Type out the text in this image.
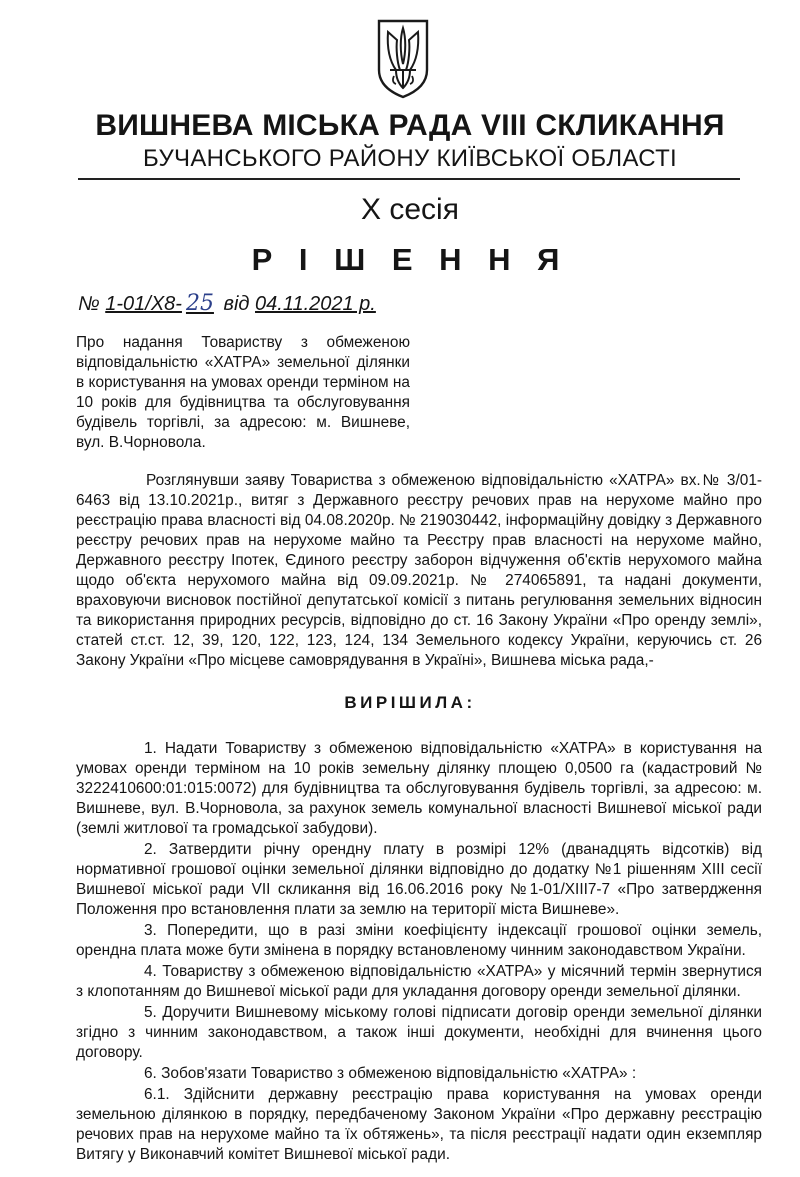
ВИШНЕВА МІСЬКА РАДА VIII СКЛИКАННЯ
БУЧАНСЬКОГО РАЙОНУ КИЇВСЬКОЇ ОБЛАСТІ
X сесія
Р І Ш Е Н Н Я
№ 1-01/X8- 25 від 04.11.2021 р.
Про надання Товариству з обмеженою відповідальністю «ХАТРА» земельної ділянки в користування на умовах оренди терміном на 10 років для будівництва та обслуговування будівель торгівлі, за адресою: м. Вишневе, вул. В.Чорновола.

Розглянувши заяву Товариства з обмеженою відповідальністю «ХАТРА» вх.№ 3/01-6463 від 13.10.2021р., витяг з Державного реєстру речових прав на нерухоме майно про реєстрацію права власності від 04.08.2020р. № 219030442, інформаційну довідку з Державного реєстру речових прав на нерухоме майно та Реєстру прав власності на нерухоме майно, Державного реєстру Іпотек, Єдиного реєстру заборон відчуження об'єктів нерухомого майна щодо об'єкта нерухомого майна від 09.09.2021р. № 274065891, та надані документи, враховуючи висновок постійної депутатської комісії з питань регулювання земельних відносин та використання природних ресурсів, відповідно до ст. 16 Закону України «Про оренду землі», статей ст.ст. 12, 39, 120, 122, 123, 124, 134 Земельного кодексу України, керуючись ст. 26 Закону України «Про місцеве самоврядування в Україні», Вишнева міська рада,-

ВИРІШИЛА:

1. Надати Товариству з обмеженою відповідальністю «ХАТРА» в користування на умовах оренди терміном на 10 років земельну ділянку площею 0,0500 га (кадастровий № 3222410600:01:015:0072) для будівництва та обслуговування будівель торгівлі, за адресою: м. Вишневе, вул. В.Чорновола, за рахунок земель комунальної власності Вишневої міської ради (землі житлової та громадської забудови).

2. Затвердити річну орендну плату в розмірі 12% (дванадцять відсотків) від нормативної грошової оцінки земельної ділянки відповідно до додатку №1 рішенням XIII сесії Вишневої міської ради VII скликання від 16.06.2016 року №1-01/XIII7-7 «Про затвердження Положення про встановлення плати за землю на території міста Вишневе».

3. Попередити, що в разі зміни коефіцієнту індексації грошової оцінки земель, орендна плата може бути змінена в порядку встановленому чинним законодавством України.

4. Товариству з обмеженою відповідальністю «ХАТРА» у місячний термін звернутися з клопотанням до Вишневої міської ради для укладання договору оренди земельної ділянки.

5. Доручити Вишневому міському голові підписати договір оренди земельної ділянки згідно з чинним законодавством, а також інші документи, необхідні для вчинення цього договору.

6. Зобов'язати Товариство з обмеженою відповідальністю «ХАТРА» :

6.1. Здійснити державну реєстрацію права користування на умовах оренди земельною ділянкою в порядку, передбаченому Законом України «Про державну реєстрацію речових прав на нерухоме майно та їх обтяжень», та після реєстрації надати один екземпляр Витягу у Виконавчий комітет Вишневої міської ради.
